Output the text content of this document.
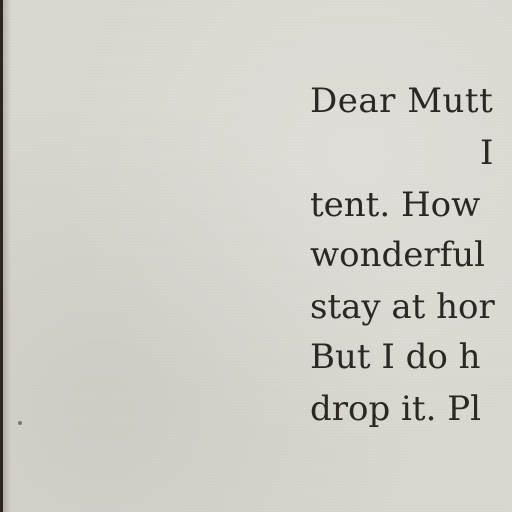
Dear Mutt
I
tent. How
wonderful
stay at hor
But I do h
drop it. Pl
